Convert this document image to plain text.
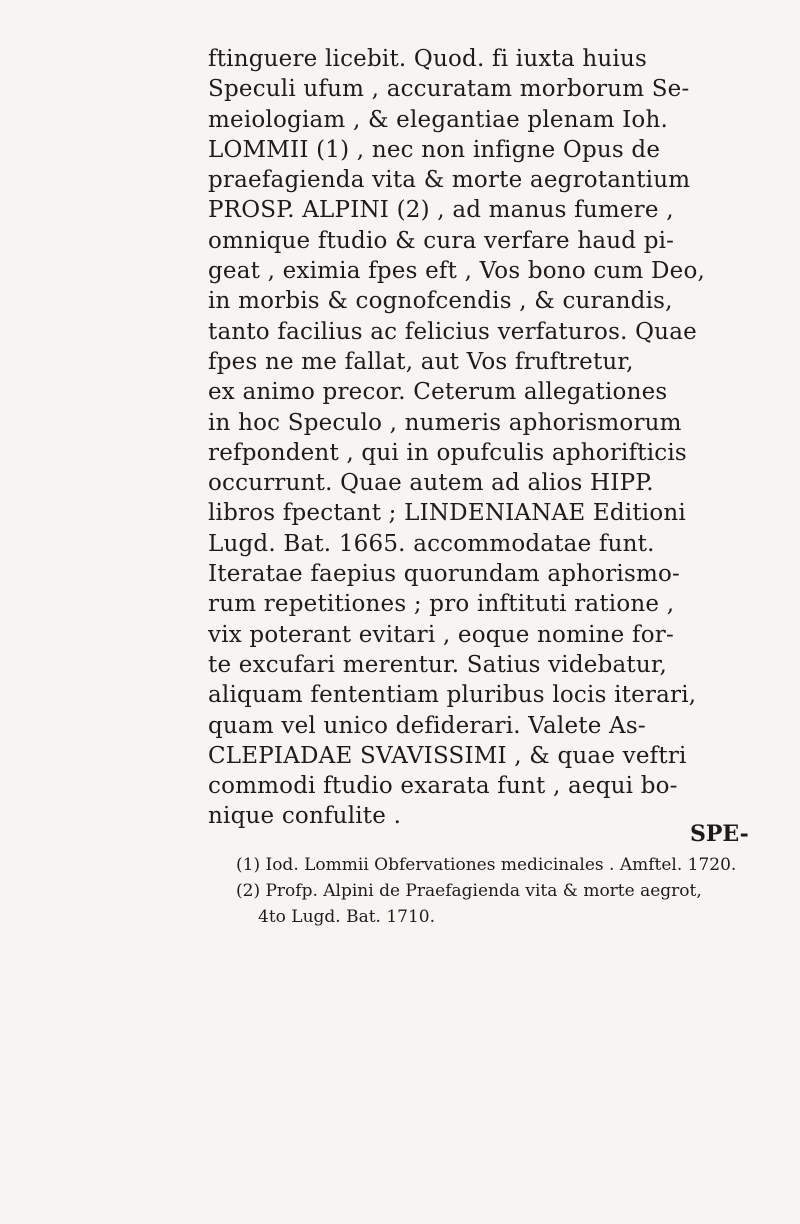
ftinguere licebit. Quod. fi iuxta huius
Speculi ufum , accuratam morborum Se-
meiologiam , & elegantiae plenam Ioh.
LOMMII (1) , nec non infigne Opus de
praefagienda vita & morte aegrotantium
PROSP. ALPINI (2) , ad manus fumere ,
omnique ftudio & cura verfare haud pi-
geat , eximia fpes eft , Vos bono cum Deo,
in morbis & cognofcendis , & curandis,
tanto facilius ac felicius verfaturos. Quae
fpes ne me fallat, aut Vos fruftretur,
ex animo precor. Ceterum allegationes
in hoc Speculo , numeris aphorismorum
refpondent , qui in opufculis aphorifticis
occurrunt. Quae autem ad alios HIPP.
libros fpectant ; LINDENIANAE Editioni
Lugd. Bat. 1665. accommodatae funt.
Iteratae faepius quorundam aphorismo-
rum repetitiones ; pro inftituti ratione ,
vix poterant evitari , eoque nomine for-
te excufari merentur. Satius videbatur,
aliquam fententiam pluribus locis iterari,
quam vel unico defiderari. Valete As-
CLEPIADAE SVAVISSIMI , & quae veftri
commodi ftudio exarata funt , aequi bo-
nique confulite .
SPE-
(1) Iod. Lommii Obfervationes medicinales . Amftel. 1720.
(2) Profp. Alpini de Praefagienda vita & morte aegrot,
4to Lugd. Bat. 1710.
